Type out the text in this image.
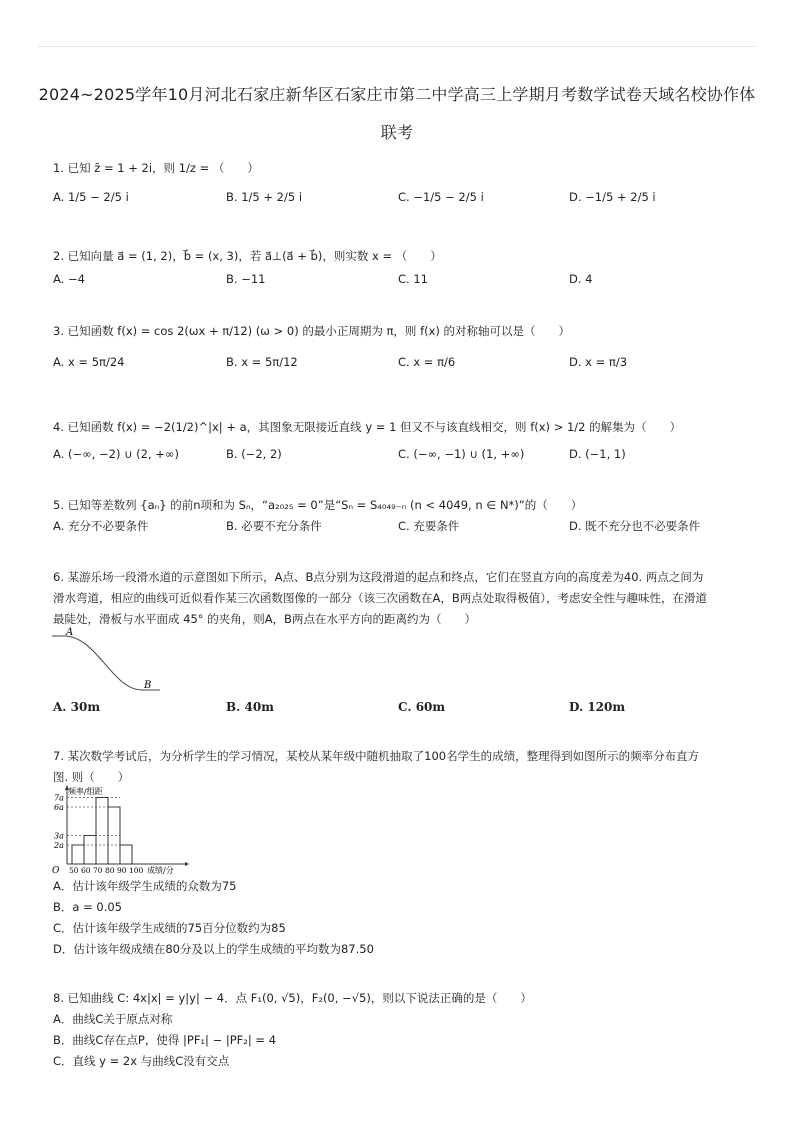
2024~2025学年10月河北石家庄新华区石家庄市第二中学高三上学期月考数学试卷天域名校协作体
联考
1. 已知 z̄ = 1 + 2i，则 1/z = （　　）
A. 1/5 − 2/5 i	B. 1/5 + 2/5 i	C. −1/5 − 2/5 i	D. −1/5 + 2/5 i
2. 已知向量 a⃗ = (1, 2)，b⃗ = (x, 3)，若 a⃗⊥(a⃗ + b⃗)，则实数 x = （　　）
A. −4	B. −11	C. 11	D. 4
3. 已知函数 f(x) = cos 2(ωx + π/12) (ω > 0) 的最小正周期为 π，则 f(x) 的对称轴可以是（　　）
A. x = 5π/24	B. x = 5π/12	C. x = π/6	D. x = π/3
4. 已知函数 f(x) = −2(1/2)^|x| + a，其图象无限接近直线 y = 1 但又不与该直线相交，则 f(x) > 1/2 的解集为（　　）
A. (−∞, −2) ∪ (2, +∞)	B. (−2, 2)	C. (−∞, −1) ∪ (1, +∞)	D. (−1, 1)
5. 已知等差数列 {aₙ} 的前n项和为 Sₙ，“a₂₀₂₅ = 0”是“Sₙ = S₄₀₄₉₋ₙ (n < 4049, n ∈ N*)”的（　　）
A. 充分不必要条件	B. 必要不充分条件	C. 充要条件	D. 既不充分也不必要条件
6. 某游乐场一段滑水道的示意图如下所示，A点、B点分别为这段滑道的起点和终点，它们在竖直方向的高度差为40. 两点之间为
滑水弯道，相应的曲线可近似看作某三次函数图像的一部分（该三次函数在A，B两点处取得极值），考虑安全性与趣味性，在滑道
最陡处，滑板与水平面成 45° 的夹角，则A，B两点在水平方向的距离约为（　　）
A
B
A. 30m	B. 40m	C. 60m	D. 120m
7. 某次数学考试后，为分析学生的学习情况，某校从某年级中随机抽取了100名学生的成绩，整理得到如图所示的频率分布直方
图. 则（　　）
频率/组距
O	成绩/分
7a
6a
3a
2a
50 60 70 80 90 100
A．估计该年级学生成绩的众数为75
B．a = 0.05
C．估计该年级学生成绩的75百分位数约为85
D．估计该年级成绩在80分及以上的学生成绩的平均数为87.50
8. 已知曲线 C: 4x|x| = y|y| − 4．点 F₁(0, √5)，F₂(0, −√5)，则以下说法正确的是（　　）
A．曲线C关于原点对称
B．曲线C存在点P，使得 |PF₁| − |PF₂| = 4
C．直线 y = 2x 与曲线C没有交点
